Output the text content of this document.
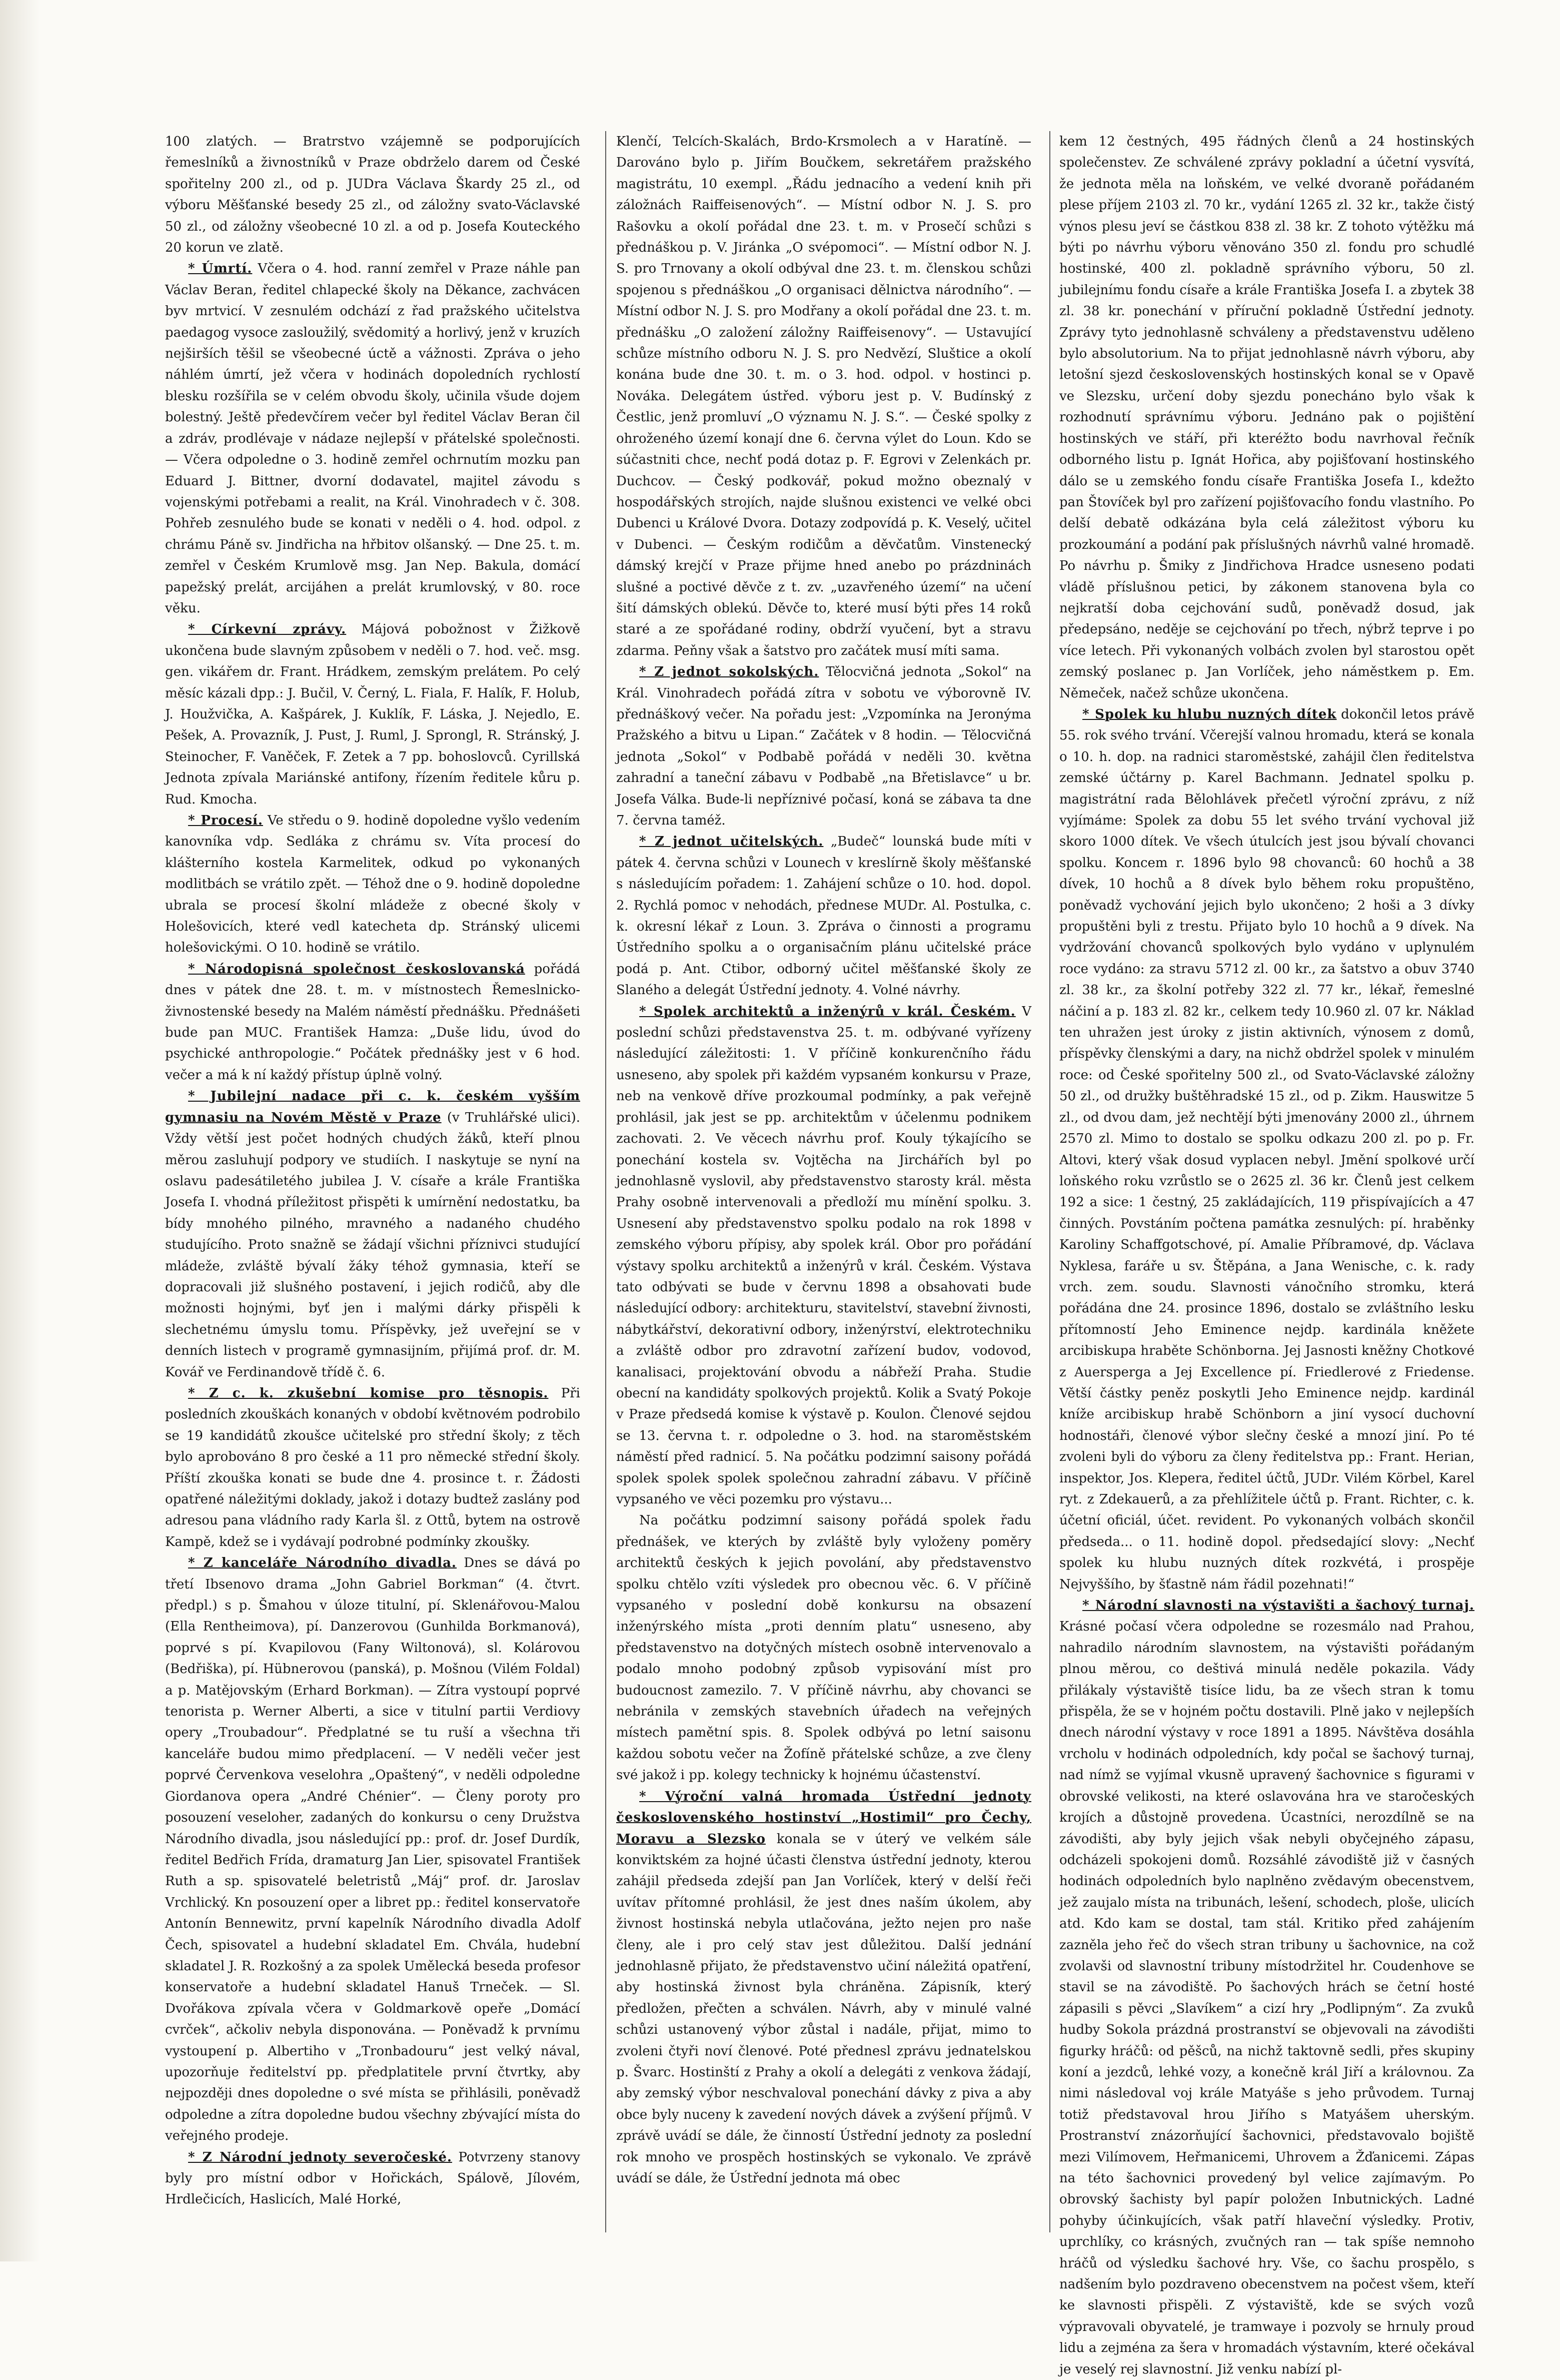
100 zlatých. — Bratrstvo vzájemně se podporujících řemeslníků a živnostníků v Praze obdrželo darem od České spořitelny 200 zl., od p. JUDra Václava Škardy 25 zl., od výboru Měšťanské besedy 25 zl., od záložny svato-Václavské 50 zl., od záložny všeobecné 10 zl. a od p. Josefa Kouteckého 20 korun ve zlatě.

* Úmrtí. Včera o 4. hod. ranní zemřel v Praze náhle pan Václav Beran, ředitel chlapecké školy na Děkance, zachvácen byv mrtvicí. V zesnulém odchází z řad pražského učitelstva paedagog vysoce zasloužilý, svědomitý a horlivý, jenž v kruzích nejširších těšil se všeobecné úctě a vážnosti. Zpráva o jeho náhlém úmrtí, jež včera v hodinách dopoledních rychlostí blesku rozšířila se v celém obvodu školy, učinila všude dojem bolestný. Ještě předevčírem večer byl ředitel Václav Beran čil a zdráv, prodlévaje v nádaze nejlepší v přátelské společnosti. — Včera odpoledne o 3. hodině zemřel ochrnutím mozku pan Eduard J. Bittner, dvorní dodavatel, majitel závodu s vojenskými potřebami a realit, na Král. Vinohradech v č. 308. Pohřeb zesnulého bude se konati v neděli o 4. hod. odpol. z chrámu Páně sv. Jindřicha na hřbitov olšanský. — Dne 25. t. m. zemřel v Českém Krumlově msg. Jan Nep. Bakula, domácí papežský prelát, arcijáhen a prelát krumlovský, v 80. roce věku.

* Církevní zprávy. Májová pobožnost v Žižkově ukončena bude slavným způsobem v neděli o 7. hod. več. msg. gen. vikářem dr. Frant. Hrádkem, zemským prelátem. Po celý měsíc kázali dpp.: J. Bučil, V. Černý, L. Fiala, F. Halík, F. Holub, J. Houžvička, A. Kašpárek, J. Kuklík, F. Láska, J. Nejedlo, E. Pešek, A. Provazník, J. Pust, J. Ruml, J. Sprongl, R. Stránský, J. Steinocher, F. Vaněček, F. Zetek a 7 pp. bohoslovců. Cyrillská Jednota zpívala Mariánské antifony, řízením ředitele kůru p. Rud. Kmocha.

* Procesí. Ve středu o 9. hodině dopoledne vyšlo vedením kanovníka vdp. Sedláka z chrámu sv. Víta procesí do klášterního kostela Karmelitek, odkud po vykonaných modlitbách se vrátilo zpět. — Téhož dne o 9. hodině dopoledne ubrala se procesí školní mládeže z obecné školy v Holešovicích, které vedl katecheta dp. Stránský ulicemi holešovickými. O 10. hodině se vrátilo.

* Národopisná společnost českoslovanská pořádá dnes v pátek dne 28. t. m. v místnostech Řemeslnicko-živnostenské besedy na Malém náměstí přednášku. Přednášeti bude pan MUC. František Hamza: „Duše lidu, úvod do psychické anthropologie.“ Počátek přednášky jest v 6 hod. večer a má k ní každý přístup úplně volný.

* Jubilejní nadace při c. k. českém vyšším gymnasiu na Novém Městě v Praze (v Truhlářské ulici). Vždy větší jest počet hodných chudých žáků, kteří plnou měrou zasluhují podpory ve studiích. I naskytuje se nyní na oslavu padesátiletého jubilea J. V. císaře a krále Františka Josefa I. vhodná příležitost přispěti k umírnění nedostatku, ba bídy mnohého pilného, mravného a nadaného chudého studujícího. Proto snažně se žádají všichni příznivci studující mládeže, zvláště bývalí žáky téhož gymnasia, kteří se dopracovali již slušného postavení, i jejich rodičů, aby dle možnosti hojnými, byť jen i malými dárky přispěli k slechetnému úmyslu tomu. Příspěvky, jež uveřejní se v denních listech v programě gymnasijním, přijímá prof. dr. M. Kovář ve Ferdinandově třídě č. 6.

* Z c. k. zkušební komise pro těsnopis. Při posledních zkouškách konaných v období květnovém podrobilo se 19 kandidátů zkoušce učitelské pro střední školy; z těch bylo aprobováno 8 pro české a 11 pro německé střední školy. Příští zkouška konati se bude dne 4. prosince t. r. Žádosti opatřené náležitými doklady, jakož i dotazy budtež zaslány pod adresou pana vládního rady Karla šl. z Ottů, bytem na ostrově Kampě, kdež se i vydávají podrobné podmínky zkoušky.

* Z kanceláře Národního divadla. Dnes se dává po třetí Ibsenovo drama „John Gabriel Borkman“ (4. čtvrt. předpl.) s p. Šmahou v úloze titulní, pí. Sklenářovou-Malou (Ella Rentheimova), pí. Danzerovou (Gunhilda Borkmanová), poprvé s pí. Kvapilovou (Fany Wiltonová), sl. Kolárovou (Bedřiška), pí. Hübnerovou (panská), p. Mošnou (Vilém Foldal) a p. Matějovským (Erhard Borkman). — Zítra vystoupí poprvé tenorista p. Werner Alberti, a sice v titulní partii Verdiovy opery „Troubadour“. Předplatné se tu ruší a všechna tři kanceláře budou mimo předplacení. — V neděli večer jest poprvé Červenkova veselohra „Opaštený“, v neděli odpoledne Giordanova opera „André Chénier“. — Členy poroty pro posouzení veseloher, zadaných do konkursu o ceny Družstva Národního divadla, jsou následující pp.: prof. dr. Josef Durdík, ředitel Bedřich Frída, dramaturg Jan Lier, spisovatel František Ruth a sp. spisovatelé beletristů „Máj“ prof. dr. Jaroslav Vrchlický. Kn posouzení oper a libret pp.: ředitel konservatoře Antonín Bennewitz, první kapelník Národního divadla Adolf Čech, spisovatel a hudební skladatel Em. Chvála, hudební skladatel J. R. Rozkošný a za spolek Umělecká beseda profesor konservatoře a hudební skladatel Hanuš Trneček. — Sl. Dvořákova zpívala včera v Goldmarkově opeře „Domácí cvrček“, ačkoliv nebyla disponována. — Poněvadž k prvnímu vystoupení p. Albertiho v „Tronbadouru“ jest velký nával, upozorňuje ředitelství pp. předplatitele první čtvrtky, aby nejpozději dnes dopoledne o své místa se přihlásili, poněvadž odpoledne a zítra dopoledne budou všechny zbývající místa do veřejného prodeje.

* Z Národní jednoty severočeské. Potvrzeny stanovy byly pro místní odbor v Hořickách, Spálově, Jílovém, Hrdlečicích, Haslicích, Malé Horké,

Klenčí, Telcích-Skalách, Brdo-Krsmolech a v Haratíně. — Darováno bylo p. Jiřím Boučkem, sekretářem pražského magistrátu, 10 exempl. „Řádu jednacího a vedení knih při záložnách Raiffeisenových“. — Místní odbor N. J. S. pro Rašovku a okolí pořádal dne 23. t. m. v Prosečí schůzi s přednáškou p. V. Jiránka „O svépomoci“. — Místní odbor N. J. S. pro Trnovany a okolí odbýval dne 23. t. m. členskou schůzi spojenou s přednáškou „O organisaci dělnictva národního“. — Místní odbor N. J. S. pro Modřany a okolí pořádal dne 23. t. m. přednášku „O založení záložny Raiffeisenovy“. — Ustavující schůze místního odboru N. J. S. pro Nedvězí, Sluštice a okolí konána bude dne 30. t. m. o 3. hod. odpol. v hostinci p. Nováka. Delegátem ústřed. výboru jest p. V. Budínský z Čestlic, jenž promluví „O významu N. J. S.“. — České spolky z ohroženého území konají dne 6. června výlet do Loun. Kdo se súčastniti chce, nechť podá dotaz p. F. Egrovi v Zelenkách pr. Duchcov. — Český podkovář, pokud možno obeznalý v hospodářských strojích, najde slušnou existenci ve velké obci Dubenci u Králové Dvora. Dotazy zodpovídá p. K. Veselý, učitel v Dubenci. — Českým rodičům a děvčatům. Vinstenecký dámský krejčí v Praze přijme hned anebo po prázdninách slušné a poctivé děvče z t. zv. „uzavřeného území“ na učení šití dámských oblekú. Děvče to, které musí býti přes 14 roků staré a ze spořádané rodiny, obdrží vyučení, byt a stravu zdarma. Peňny však a šatstvo pro začátek musí míti sama.

* Z jednot sokolských. Tělocvičná jednota „Sokol“ na Král. Vinohradech pořádá zítra v sobotu ve výborovně IV. přednáškový večer. Na pořadu jest: „Vzpomínka na Jeronýma Pražského a bitvu u Lipan.“ Začátek v 8 hodin. — Tělocvičná jednota „Sokol“ v Podbabě pořádá v neděli 30. května zahradní a taneční zábavu v Podbabě „na Břetislavce“ u br. Josefa Válka. Bude-li nepříznivé počasí, koná se zábava ta dne 7. června taméž.

* Z jednot učitelských. „Budeč“ lounská bude míti v pátek 4. června schůzi v Lounech v kreslírně školy měšťanské s následujícím pořadem: 1. Zahájení schůze o 10. hod. dopol. 2. Rychlá pomoc v nehodách, přednese MUDr. Al. Postulka, c. k. okresní lékař z Loun. 3. Zpráva o činnosti a programu Ústředního spolku a o organisačním plánu učitelské práce podá p. Ant. Ctibor, odborný učitel měšťanské školy ze Slaného a delegát Ústřední jednoty. 4. Volné návrhy.

* Spolek architektů a inženýrů v král. Českém. V poslední schůzi představenstva 25. t. m. odbývané vyřízeny následující záležitosti: 1. V příčině konkurenčního řádu usneseno, aby spolek při každém vypsaném konkursu v Praze, neb na venkově dříve prozkoumal podmínky, a pak veřejně prohlásil, jak jest se pp. architektům v účelenmu podnikem zachovati. 2. Ve věcech návrhu prof. Kouly týkajícího se ponechání kostela sv. Vojtěcha na Jirchářích byl po jednohlasně vyslovil, aby představenstvo starosty král. města Prahy osobně intervenovali a předloží mu mínění spolku. 3. Usnesení aby představenstvo spolku podalo na rok 1898 v zemského výboru přípisy, aby spolek král. Obor pro pořádání výstavy spolku architektů a inženýrů v král. Českém. Výstava tato odbývati se bude v červnu 1898 a obsahovati bude následující odbory: architekturu, stavitelství, stavební živnosti, nábytkářství, dekorativní odbory, inženýrství, elektrotechniku a zvláště odbor pro zdravotní zařízení budov, vodovod, kanalisaci, projektování obvodu a nábřeží Praha. Studie obecní na kandidáty spolkových projektů. Kolik a Svatý Pokoje v Praze předsedá komise k výstavě p. Koulon. Členové sejdou se 13. června t. r. odpoledne o 3. hod. na staroměstském náměstí před radnicí. 5. Na počátku podzimní saisony pořádá spolek spolek spolek společnou zahradní zábavu. V příčině vypsaného ve věci pozemku pro výstavu...

Na počátku podzimní saisony pořádá spolek řadu přednášek, ve kterých by zvláště byly vyloženy poměry architektů českých k jejich povolání, aby představenstvo spolku chtělo vzíti výsledek pro obecnou věc. 6. V příčině vypsaného v poslední době konkursu na obsazení inženýrského místa „proti denním platu“ usneseno, aby představenstvo na dotyčných místech osobně intervenovalo a podalo mnoho podobný způsob vypisování míst pro budoucnost zamezilo. 7. V příčině návrhu, aby chovanci se nebránila v zemských stavebních úřadech na veřejných místech pamětní spis. 8. Spolek odbývá po letní saisonu každou sobotu večer na Žofíně přátelské schůze, a zve členy své jakož i pp. kolegy technicky k hojnému účastenství.

* Výroční valná hromada Ústřední jednoty československého hostinství „Hostimil“ pro Čechy, Moravu a Slezsko konala se v úterý ve velkém sále konviktském za hojné účasti členstva ústřední jednoty, kterou zahájil předseda zdejší pan Jan Vorlíček, který v delší řeči uvítav přítomné prohlásil, že jest dnes naším úkolem, aby živnost hostinská nebyla utlačována, ježto nejen pro naše členy, ale i pro celý stav jest důležitou. Další jednání jednohlasně přijato, že představenstvo učiní náležitá opatření, aby hostinská živnost byla chráněna. Zápisník, který předložen, přečten a schválen. Návrh, aby v minulé valné schůzi ustanovený výbor zůstal i nadále, přijat, mimo to zvoleni čtyři noví členové. Poté přednesl zprávu jednatelskou p. Švarc. Hostinští z Prahy a okolí a delegáti z venkova žádají, aby zemský výbor neschvaloval ponechání dávky z piva a aby obce byly nuceny k zavedení nových dávek a zvýšení příjmů. V zprávě uvádí se dále, že činností Ústřední jednoty za poslední rok mnoho ve prospěch hostinských se vykonalo. Ve zprávě uvádí se dále, že Ústřední jednota má obec

kem 12 čestných, 495 řádných členů a 24 hostinských společenstev. Ze schválené zprávy pokladní a účetní vysvítá, že jednota měla na loňském, ve velké dvoraně pořádaném plese příjem 2103 zl. 70 kr., vydání 1265 zl. 32 kr., takže čistý výnos plesu jeví se částkou 838 zl. 38 kr. Z tohoto výtěžku má býti po návrhu výboru věnováno 350 zl. fondu pro schudlé hostinské, 400 zl. pokladně správního výboru, 50 zl. jubilejnímu fondu císaře a krále Františka Josefa I. a zbytek 38 zl. 38 kr. ponechání v příruční pokladně Ústřední jednoty. Zprávy tyto jednohlasně schváleny a představenstvu uděleno bylo absolutorium. Na to přijat jednohlasně návrh výboru, aby letošní sjezd československých hostinských konal se v Opavě ve Slezsku, určení doby sjezdu ponecháno bylo však k rozhodnutí správnímu výboru. Jednáno pak o pojištění hostinských ve stáří, při kteréžto bodu navrhoval řečník odborného listu p. Ignát Hořica, aby pojišťovaní hostinského dálo se u zemského fondu císaře Františka Josefa I., kdežto pan Štovíček byl pro zařízení pojišťovacího fondu vlastního. Po delší debatě odkázána byla celá záležitost výboru ku prozkoumání a podání pak příslušných návrhů valné hromadě. Po návrhu p. Šmiky z Jindřichova Hradce usneseno podati vládě příslušnou petici, by zákonem stanovena byla co nejkratší doba cejchování sudů, poněvadž dosud, jak předepsáno, neděje se cejchování po třech, nýbrž teprve i po více letech. Při vykonaných volbách zvolen byl starostou opět zemský poslanec p. Jan Vorlíček, jeho náměstkem p. Em. Němeček, načež schůze ukončena.

* Spolek ku hlubu nuzných dítek dokončil letos právě 55. rok svého trvání. Včerejší valnou hromadu, která se konala o 10. h. dop. na radnici staroměstské, zahájil člen ředitelstva zemské účtárny p. Karel Bachmann. Jednatel spolku p. magistrátní rada Bělohlávek přečetl výroční zprávu, z níž vyjímáme: Spolek za dobu 55 let svého trvání vychoval již skoro 1000 dítek. Ve všech útulcích jest jsou bývalí chovanci spolku. Koncem r. 1896 bylo 98 chovanců: 60 hochů a 38 dívek, 10 hochů a 8 dívek bylo během roku propuštěno, poněvadž vychování jejich bylo ukončeno; 2 hoši a 3 dívky propuštěni byli z trestu. Přijato bylo 10 hochů a 9 dívek. Na vydržování chovanců spolkových bylo vydáno v uplynulém roce vydáno: za stravu 5712 zl. 00 kr., za šatstvo a obuv 3740 zl. 38 kr., za školní potřeby 322 zl. 77 kr., lékař, řemeslné náčiní a p. 183 zl. 82 kr., celkem tedy 10.960 zl. 07 kr. Náklad ten uhražen jest úroky z jistin aktivních, výnosem z domů, příspěvky členskými a dary, na nichž obdržel spolek v minulém roce: od České spořitelny 500 zl., od Svato-Václavské záložny 50 zl., od družky buštěhradské 15 zl., od p. Zikm. Hauswitze 5 zl., od dvou dam, jež nechtějí býti jmenovány 2000 zl., úhrnem 2570 zl. Mimo to dostalo se spolku odkazu 200 zl. po p. Fr. Altovi, který však dosud vyplacen nebyl. Jmění spolkové určí loňského roku vzrůstlo se o 2625 zl. 36 kr. Členů jest celkem 192 a sice: 1 čestný, 25 zakládajících, 119 přispívajících a 47 činných. Povstáním počtena památka zesnulých: pí. hraběnky Karoliny Schaffgotschové, pí. Amalie Příbramové, dp. Václava Nyklesa, faráře u sv. Štěpána, a Jana Wenische, c. k. rady vrch. zem. soudu. Slavnosti vánočního stromku, která pořádána dne 24. prosince 1896, dostalo se zvláštního lesku přítomností Jeho Eminence nejdp. kardinála kněžete arcibiskupa hraběte Schönborna. Jej Jasnosti kněžny Chotkové z Auersperga a Jej Excellence pí. Friedlerové z Friedense. Větší částky peněz poskytli Jeho Eminence nejdp. kardinál kníže arcibiskup hrabě Schönborn a jiní vysocí duchovní hodnostáři, členové výbor slečny české a mnozí jiní. Po té zvoleni byli do výboru za členy ředitelstva pp.: Frant. Herian, inspektor, Jos. Klepera, ředitel účtů, JUDr. Vilém Körbel, Karel ryt. z Zdekauerů, a za přehlížitele účtů p. Frant. Richter, c. k. účetní oficiál, účet. revident. Po vykonaných volbách skončil předseda... o 11. hodině dopol. předsedající slovy: „Nechť spolek ku hlubu nuzných dítek rozkvétá, i prospěje Nejvyššího, by šťastně nám řádil pozehnati!“

* Národní slavnosti na výstavišti a šachový turnaj. Krásné počasí včera odpoledne se rozesmálo nad Prahou, nahradilo národním slavnostem, na výstavišti pořádaným plnou měrou, co deštivá minulá neděle pokazila. Vády přilákaly výstaviště tisíce lidu, ba ze všech stran k tomu přispěla, že se v hojném počtu dostavili. Plně jako v nejlepších dnech národní výstavy v roce 1891 a 1895. Návštěva dosáhla vrcholu v hodinách odpoledních, kdy počal se šachový turnaj, nad nímž se vyjímal vkusně upravený šachovnice s figurami v obrovské velikosti, na které oslavována hra ve staročeských krojích a důstojně provedena. Úcastníci, nerozdílně se na závodišti, aby byly jejich však nebyli obyčejného zápasu, odcházeli spokojeni domů. Rozsáhlé závodiště již v časných hodinách odpoledních bylo naplněno zvědavým obecenstvem, jež zaujalo místa na tribunách, lešení, schodech, ploše, ulicích atd. Kdo kam se dostal, tam stál. Kritiko před zahájením zazněla jeho řeč do všech stran tribuny u šachovnice, na což zvolavši od slavnostní tribuny místodržitel hr. Coudenhove se stavil se na závodiště. Po šachových hrách se četní hosté zápasili s pěvci „Slavíkem“ a cizí hry „Podlipným“. Za zvuků hudby Sokola prázdná prostranství se objevovali na závodišti figurky hráčů: od pěšců, na nichž taktovně sedli, přes skupiny koní a jezdců, lehké vozy, a konečně král Jiří a královnou. Za nimi následoval voj krále Matyáše s jeho průvodem. Turnaj totiž představoval hrou Jiřího s Matyášem uherským. Prostranství znázorňující šachovnici, představovalo bojiště mezi Vilímovem, Heřmanicemi, Uhrovem a Žďanicemi. Zápas na této šachovnici provedený byl velice zajímavým. Po obrovský šachisty byl papír položen Inbutnických. Ladné pohyby účinkujících, však patří hlaveční výsledky. Protiv, uprchlíky, co krásných, zvučných ran — tak spíše nemnoho hráčů od výsledku šachové hry. Vše, co šachu prospělo, s nadšením bylo pozdraveno obecenstvem na počest všem, kteří ke slavnosti přispěli. Z výstaviště, kde se svých vozů výpravovali obyvatelé, je tramwaye i pozvoly se hrnuly proud lidu a zejména za šera v hromadách výstavním, které očekával je veselý rej slavnostní. Již venku nabízí pl-
